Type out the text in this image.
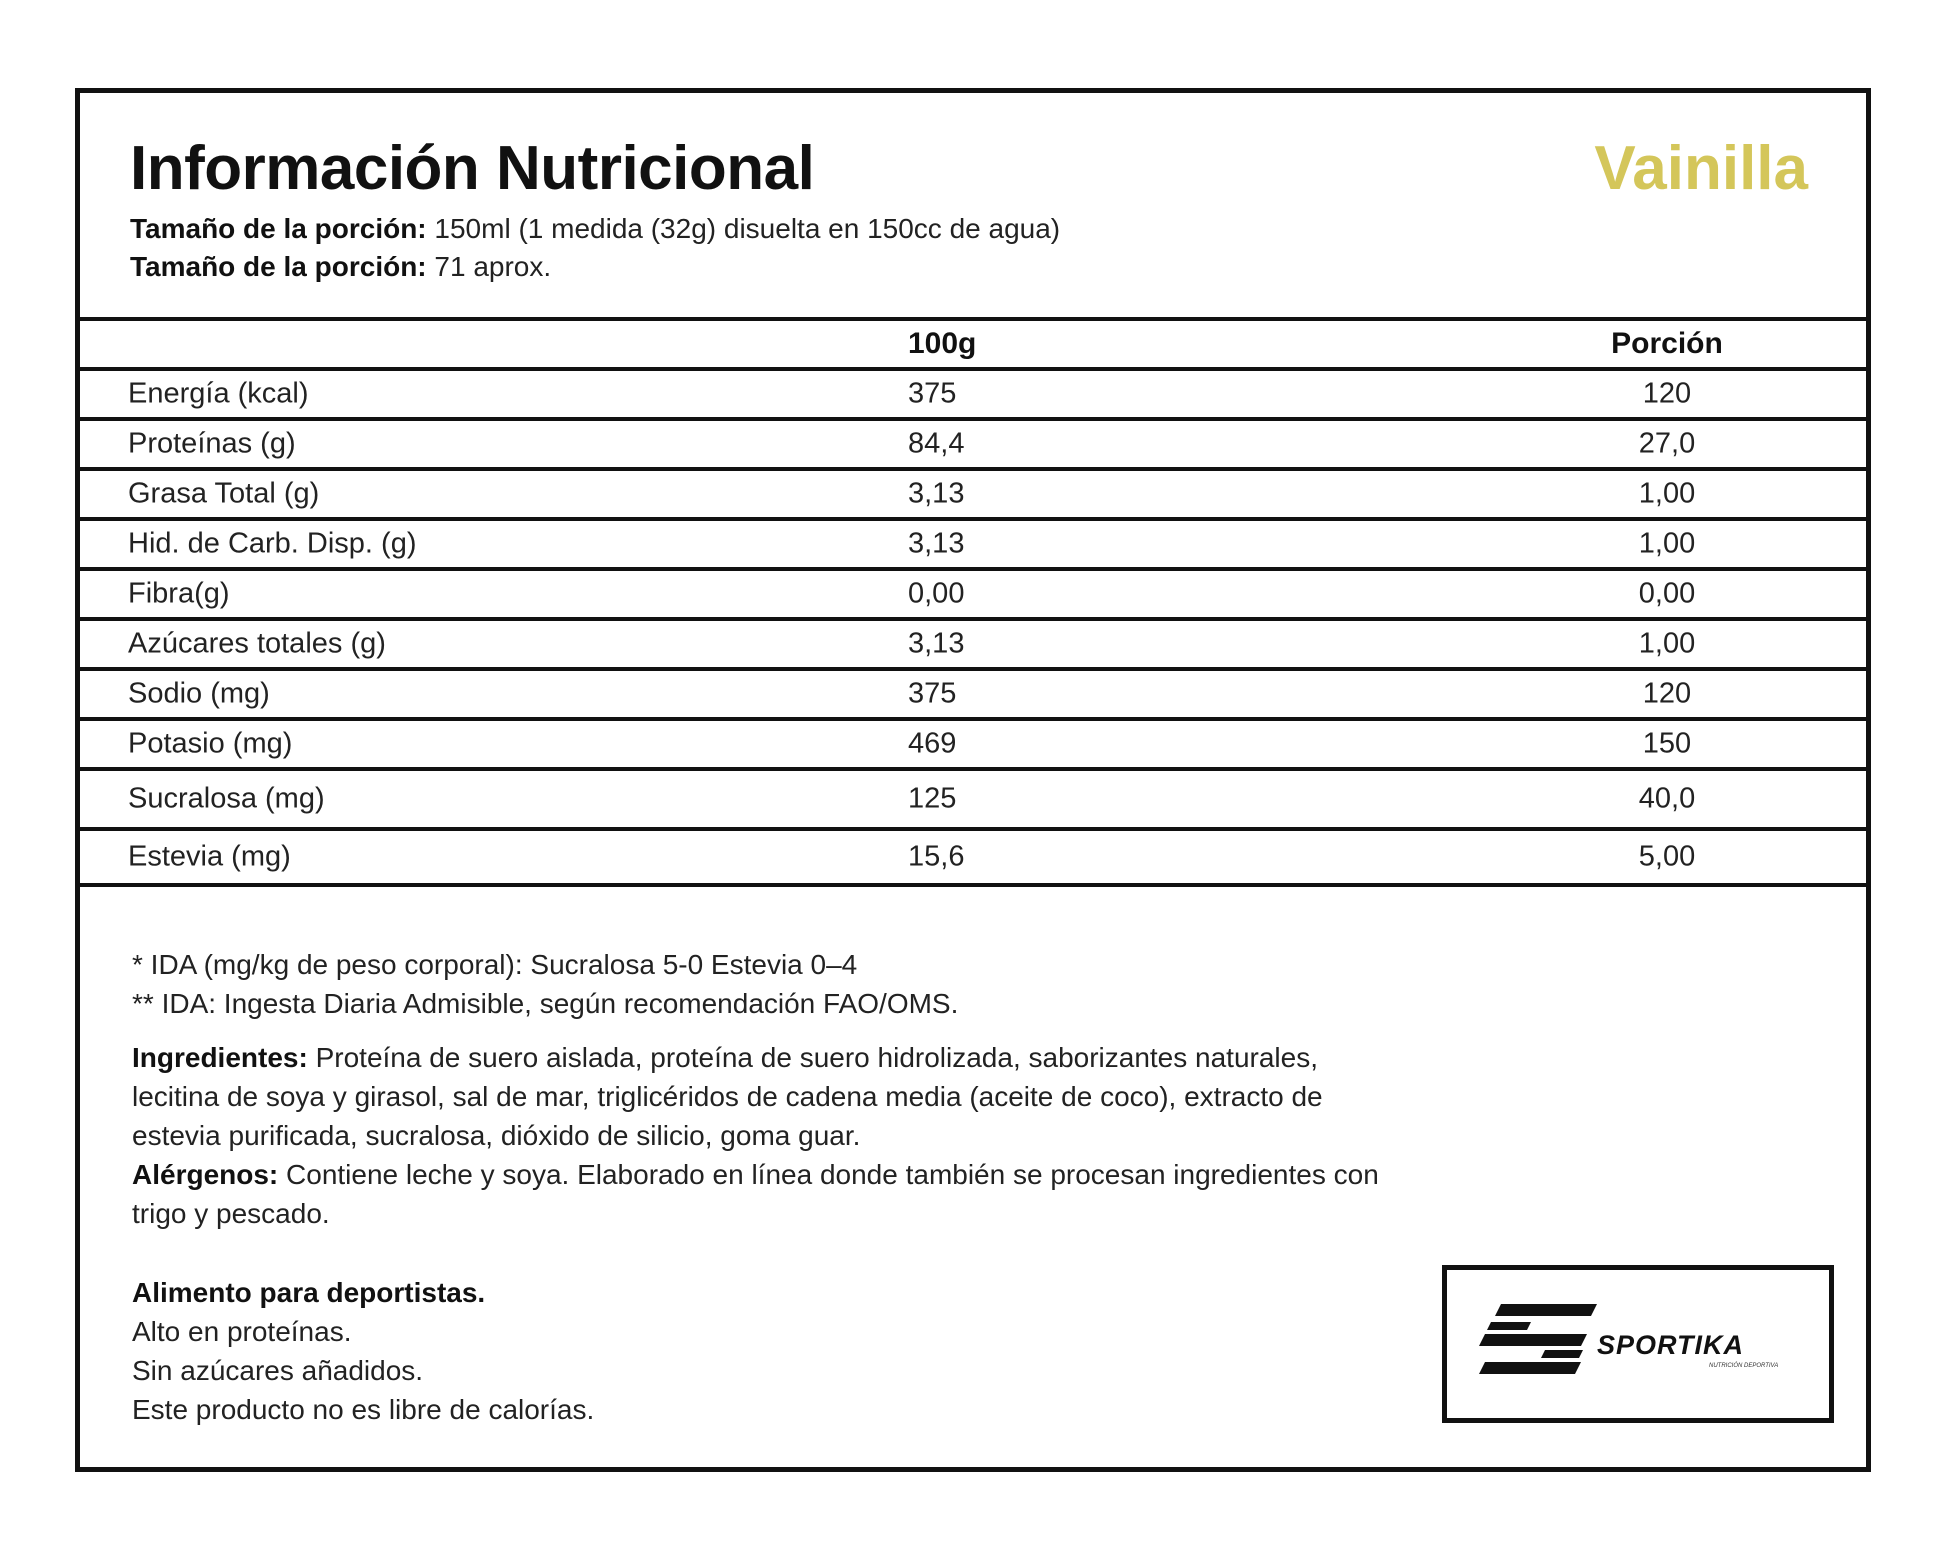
Información Nutricional	Vainilla
Tamaño de la porción: 150ml (1 medida (32g) disuelta en 150cc de agua)
Tamaño de la porción: 71 aprox.
100g	Porción
Energía (kcal)	375	120
Proteínas (g)	84,4	27,0
Grasa Total (g)	3,13	1,00
Hid. de Carb. Disp. (g)	3,13	1,00
Fibra(g)	0,00	0,00
Azúcares totales (g)	3,13	1,00
Sodio (mg)	375	120
Potasio (mg)	469	150
Sucralosa (mg)	125	40,0
Estevia (mg)	15,6	5,00
* IDA (mg/kg de peso corporal): Sucralosa 5-0 Estevia 0–4
** IDA: Ingesta Diaria Admisible, según recomendación FAO/OMS.
Ingredientes: Proteína de suero aislada, proteína de suero hidrolizada, saborizantes naturales, lecitina de soya y girasol, sal de mar, triglicéridos de cadena media (aceite de coco), extracto de estevia purificada, sucralosa, dióxido de silicio, goma guar.
Alérgenos: Contiene leche y soya. Elaborado en línea donde también se procesan ingredientes con trigo y pescado.
Alimento para deportistas.
Alto en proteínas.
Sin azúcares añadidos.
Este producto no es libre de calorías.
SPORTIKA
NUTRICIÓN DEPORTIVA
